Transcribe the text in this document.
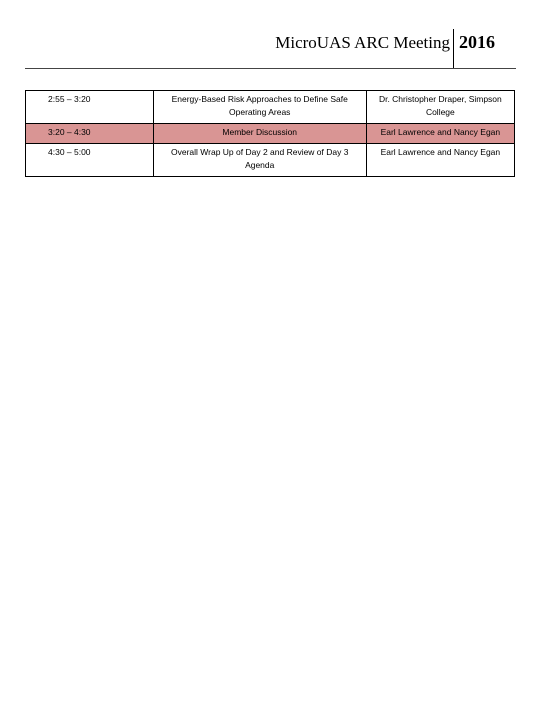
MicroUAS ARC Meeting 2016
2:55 – 3:20	Energy-Based Risk Approaches to Define Safe Operating Areas	Dr. Christopher Draper, Simpson College
3:20 – 4:30	Member Discussion	Earl Lawrence and Nancy Egan
4:30 – 5:00	Overall Wrap Up of Day 2 and Review of Day 3 Agenda	Earl Lawrence and Nancy Egan
